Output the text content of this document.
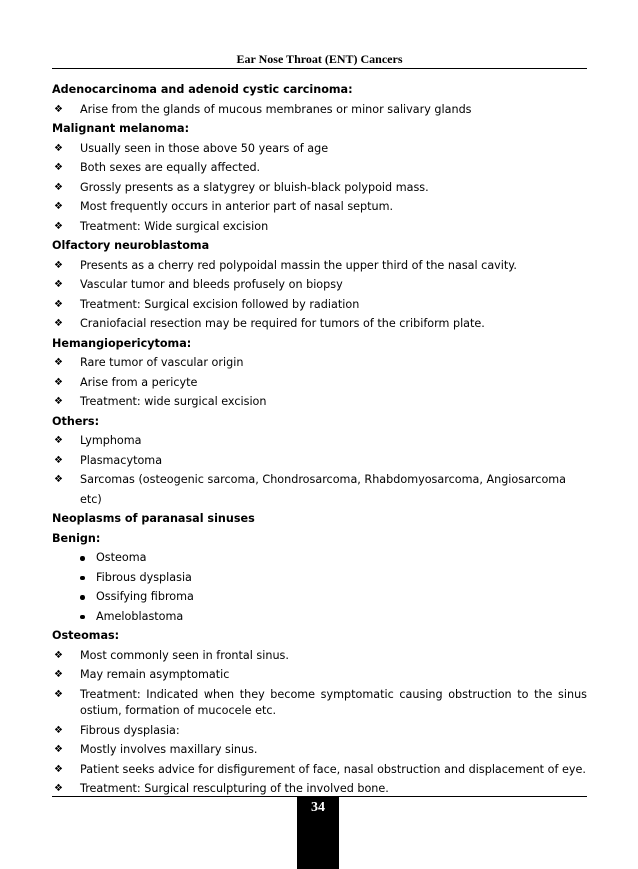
Ear Nose Throat (ENT) Cancers
Adenocarcinoma and adenoid cystic carcinoma:
❖ Arise from the glands of mucous membranes or minor salivary glands
Malignant melanoma:
❖ Usually seen in those above 50 years of age
❖ Both sexes are equally affected.
❖ Grossly presents as a slatygrey or bluish-black polypoid mass.
❖ Most frequently occurs in anterior part of nasal septum.
❖ Treatment: Wide surgical excision
Olfactory neuroblastoma
❖ Presents as a cherry red polypoidal massin the upper third of the nasal cavity.
❖ Vascular tumor and bleeds profusely on biopsy
❖ Treatment: Surgical excision followed by radiation
❖ Craniofacial resection may be required for tumors of the cribiform plate.
Hemangiopericytoma:
❖ Rare tumor of vascular origin
❖ Arise from a pericyte
❖ Treatment: wide surgical excision
Others:
❖ Lymphoma
❖ Plasmacytoma
❖ Sarcomas (osteogenic sarcoma, Chondrosarcoma, Rhabdomyosarcoma, Angiosarcoma etc)
Neoplasms of paranasal sinuses
Benign:
Osteoma
Fibrous dysplasia
Ossifying fibroma
Ameloblastoma
Osteomas:
❖ Most commonly seen in frontal sinus.
❖ May remain asymptomatic
❖ Treatment: Indicated when they become symptomatic causing obstruction to the sinus ostium, formation of mucocele etc.
❖ Fibrous dysplasia:
❖ Mostly involves maxillary sinus.
❖ Patient seeks advice for disfigurement of face, nasal obstruction and displacement of eye.
❖ Treatment: Surgical resculpturing of the involved bone.
34
